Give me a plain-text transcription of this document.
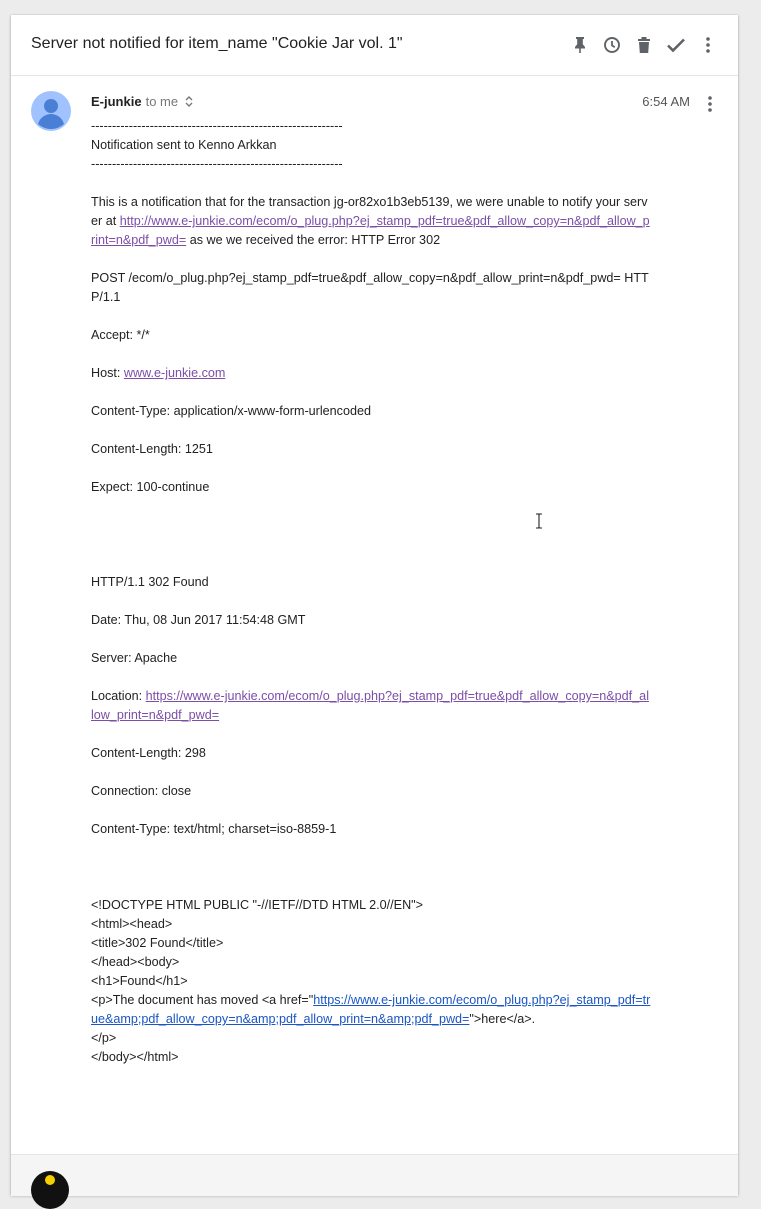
Server not notified for item_name "Cookie Jar vol. 1"
E-junkie to me	6:54 AM

------------------------------------------------------------

Notification sent to Kenno Arkkan

------------------------------------------------------------

This is a notification that for the transaction jg-or82xo1b3eb5139, we were unable to notify your server at http://www.e-junkie.com/ecom/o_plug.php?ej_stamp_pdf=true&pdf_allow_copy=n&pdf_allow_print=n&pdf_pwd= as we we received the error: HTTP Error 302

POST /ecom/o_plug.php?ej_stamp_pdf=true&pdf_allow_copy=n&pdf_allow_print=n&pdf_pwd= HTTP/1.1

Accept: */*

Host: www.e-junkie.com

Content-Type: application/x-www-form-urlencoded

Content-Length: 1251

Expect: 100-continue

HTTP/1.1 302 Found

Date: Thu, 08 Jun 2017 11:54:48 GMT

Server: Apache

Location: https://www.e-junkie.com/ecom/o_plug.php?ej_stamp_pdf=true&pdf_allow_copy=n&pdf_allow_print=n&pdf_pwd=

Content-Length: 298

Connection: close

Content-Type: text/html; charset=iso-8859-1

<!DOCTYPE HTML PUBLIC "-//IETF//DTD HTML 2.0//EN">

<html><head>

<title>302 Found</title>

</head><body>

<h1>Found</h1>

<p>The document has moved <a href="https://www.e-junkie.com/ecom/o_plug.php?ej_stamp_pdf=true&amp;pdf_allow_copy=n&amp;pdf_allow_print=n&amp;pdf_pwd=">here</a>.

</p>

</body></html>
